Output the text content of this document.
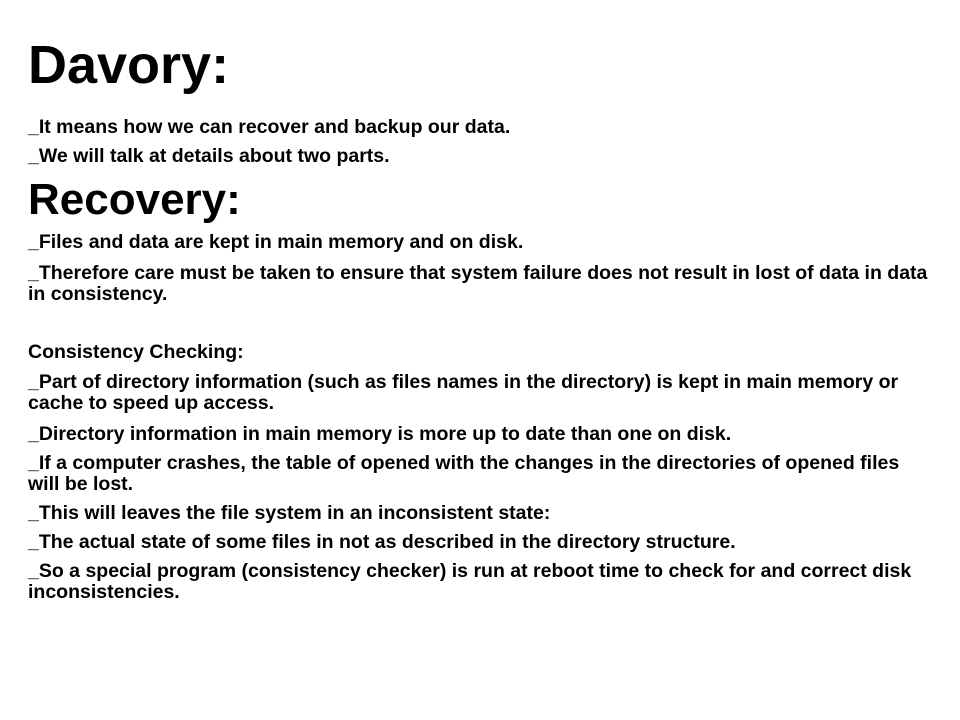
Davory:

_It means how we can recover and backup our data.

_We will talk at details about two parts.

Recovery:

_Files and data are kept in main memory and on disk.

_Therefore care must be taken to ensure that system failure does not result in lost of data in data in consistency.

Consistency Checking:

_Part of directory information (such as files names in the directory) is kept in main memory or cache to speed up access.

_Directory information in main memory is more up to date than one on disk.

_If a computer crashes, the table of opened with the changes in the directories of opened files will be lost.

_This will leaves the file system in an inconsistent state:

_The actual state of some files in not as described in the directory structure.

_So a special program (consistency checker) is run at reboot time to check for and correct disk inconsistencies.
